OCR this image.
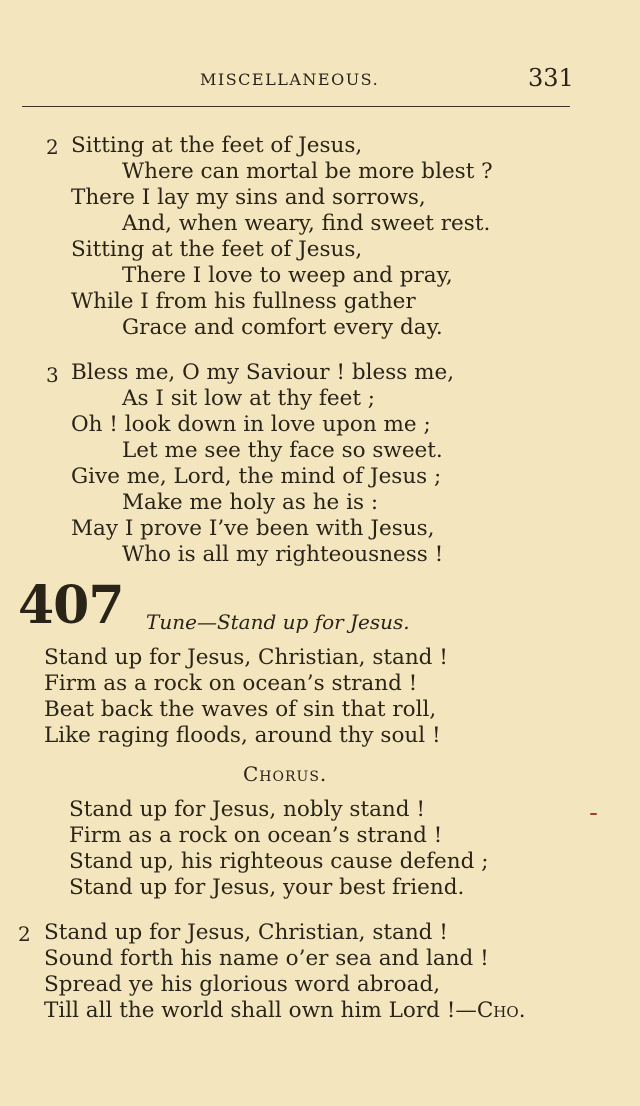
MISCELLANEOUS.	331
2 Sitting at the feet of Jesus,
Where can mortal be more blest ?
There I lay my sins and sorrows,
And, when weary, find sweet rest.
Sitting at the feet of Jesus,
There I love to weep and pray,
While I from his fullness gather
Grace and comfort every day.
3 Bless me, O my Saviour ! bless me,
As I sit low at thy feet ;
Oh ! look down in love upon me ;
Let me see thy face so sweet.
Give me, Lord, the mind of Jesus ;
Make me holy as he is :
May I prove I’ve been with Jesus,
Who is all my righteousness !
407 Tune—Stand up for Jesus.
Stand up for Jesus, Christian, stand !
Firm as a rock on ocean’s strand !
Beat back the waves of sin that roll,
Like raging floods, around thy soul !
Chorus.
Stand up for Jesus, nobly stand !
Firm as a rock on ocean’s strand !
Stand up, his righteous cause defend ;
Stand up for Jesus, your best friend.
2 Stand up for Jesus, Christian, stand !
Sound forth his name o’er sea and land !
Spread ye his glorious word abroad,
Till all the world shall own him Lord !—Cho.
